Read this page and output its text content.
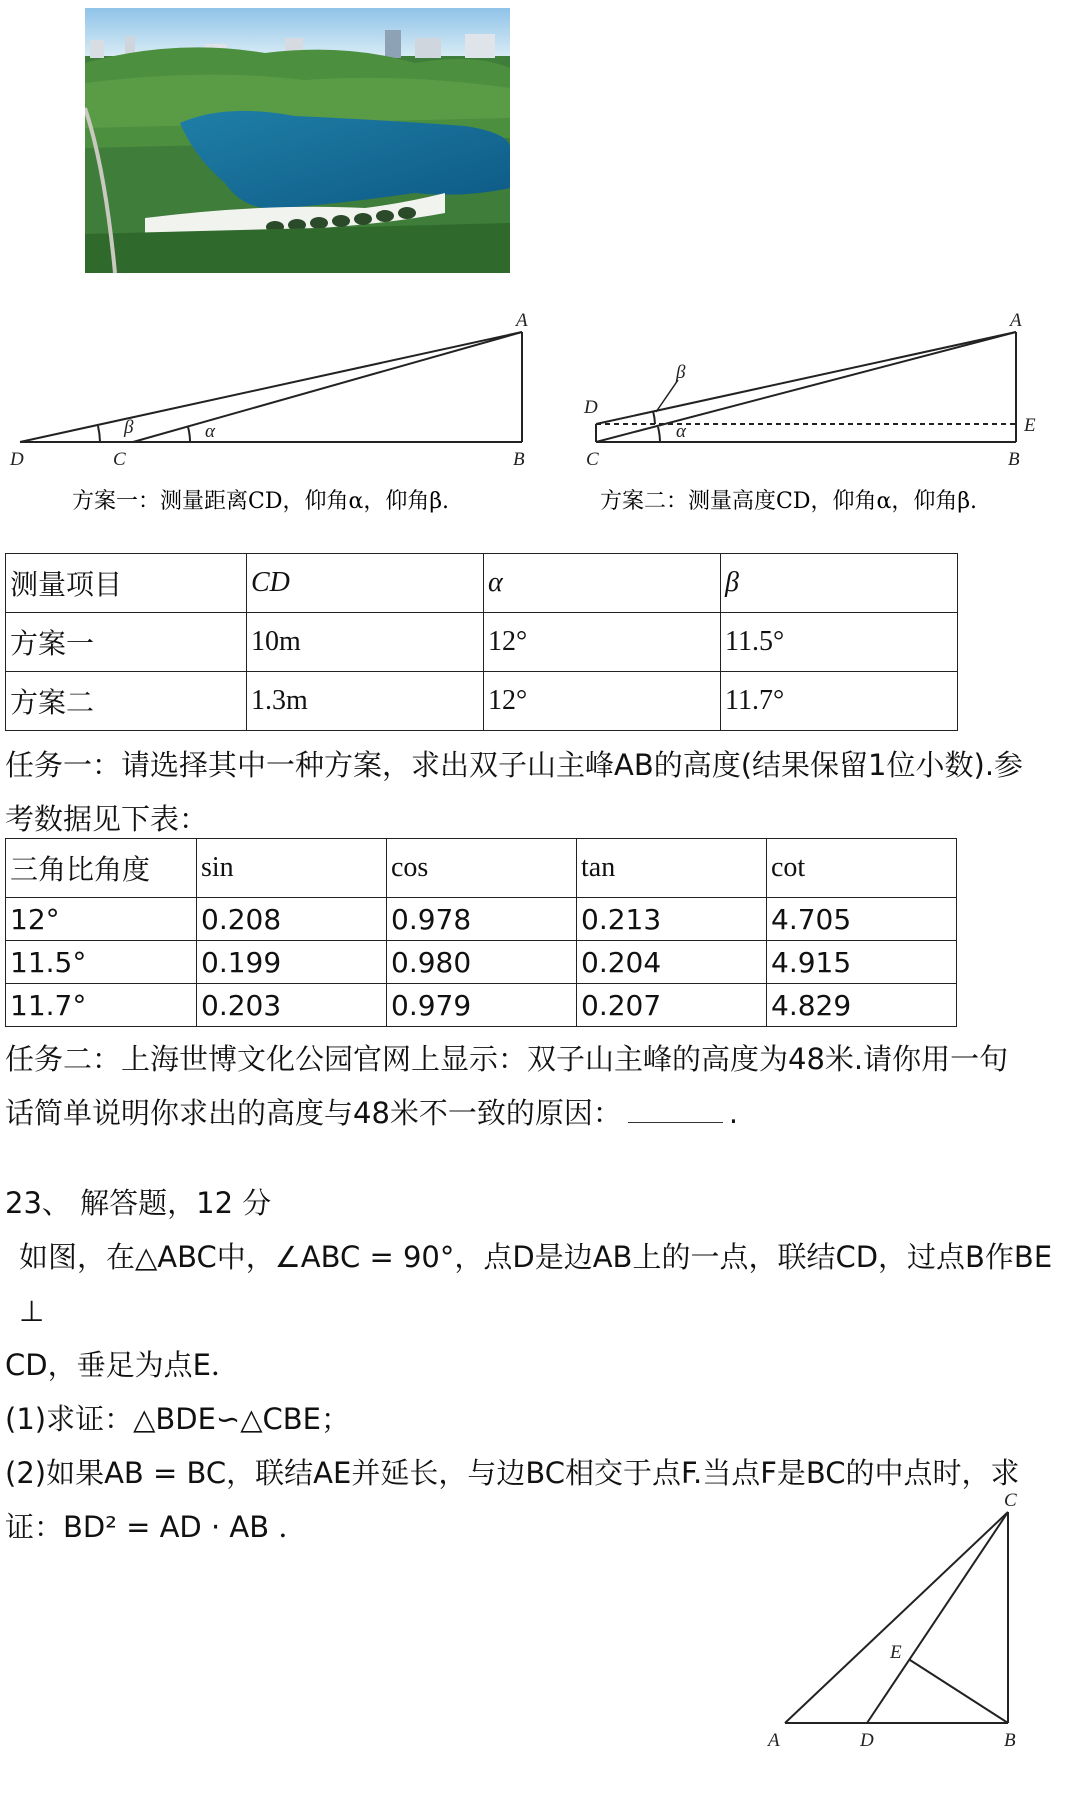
A
B
C
D
β	α
方案一：测量距离CD，仰角α，仰角β.
A
B
C
D
E
β
α
方案二：测量高度CD，仰角α，仰角β.
测量项目	CD	α	β
方案一	10m	12°	11.5°
方案二	1.3m	12°	11.7°
任务一：请选择其中一种方案，求出双子山主峰AB的高度(结果保留1位小数).参
考数据见下表：
三角比角度	sin	cos	tan	cot
12°	0.208	0.978	0.213	4.705
11.5°	0.199	0.980	0.204	4.915
11.7°	0.203	0.979	0.207	4.829
任务二：上海世博文化公园官网上显示：双子山主峰的高度为48米.请你用一句
话简单说明你求出的高度与48米不一致的原因：	.
23、 解答题，12 分
如图，在△ABC中，∠ABC = 90°，点D是边AB上的一点，联结CD，过点B作BE ⊥
CD，垂足为点E．
(1)求证：△BDE∽△CBE；
(2)如果AB = BC，联结AE并延长，与边BC相交于点F.当点F是BC的中点时，求
证：BD² = AD · AB ．
A	D	B
C
E
